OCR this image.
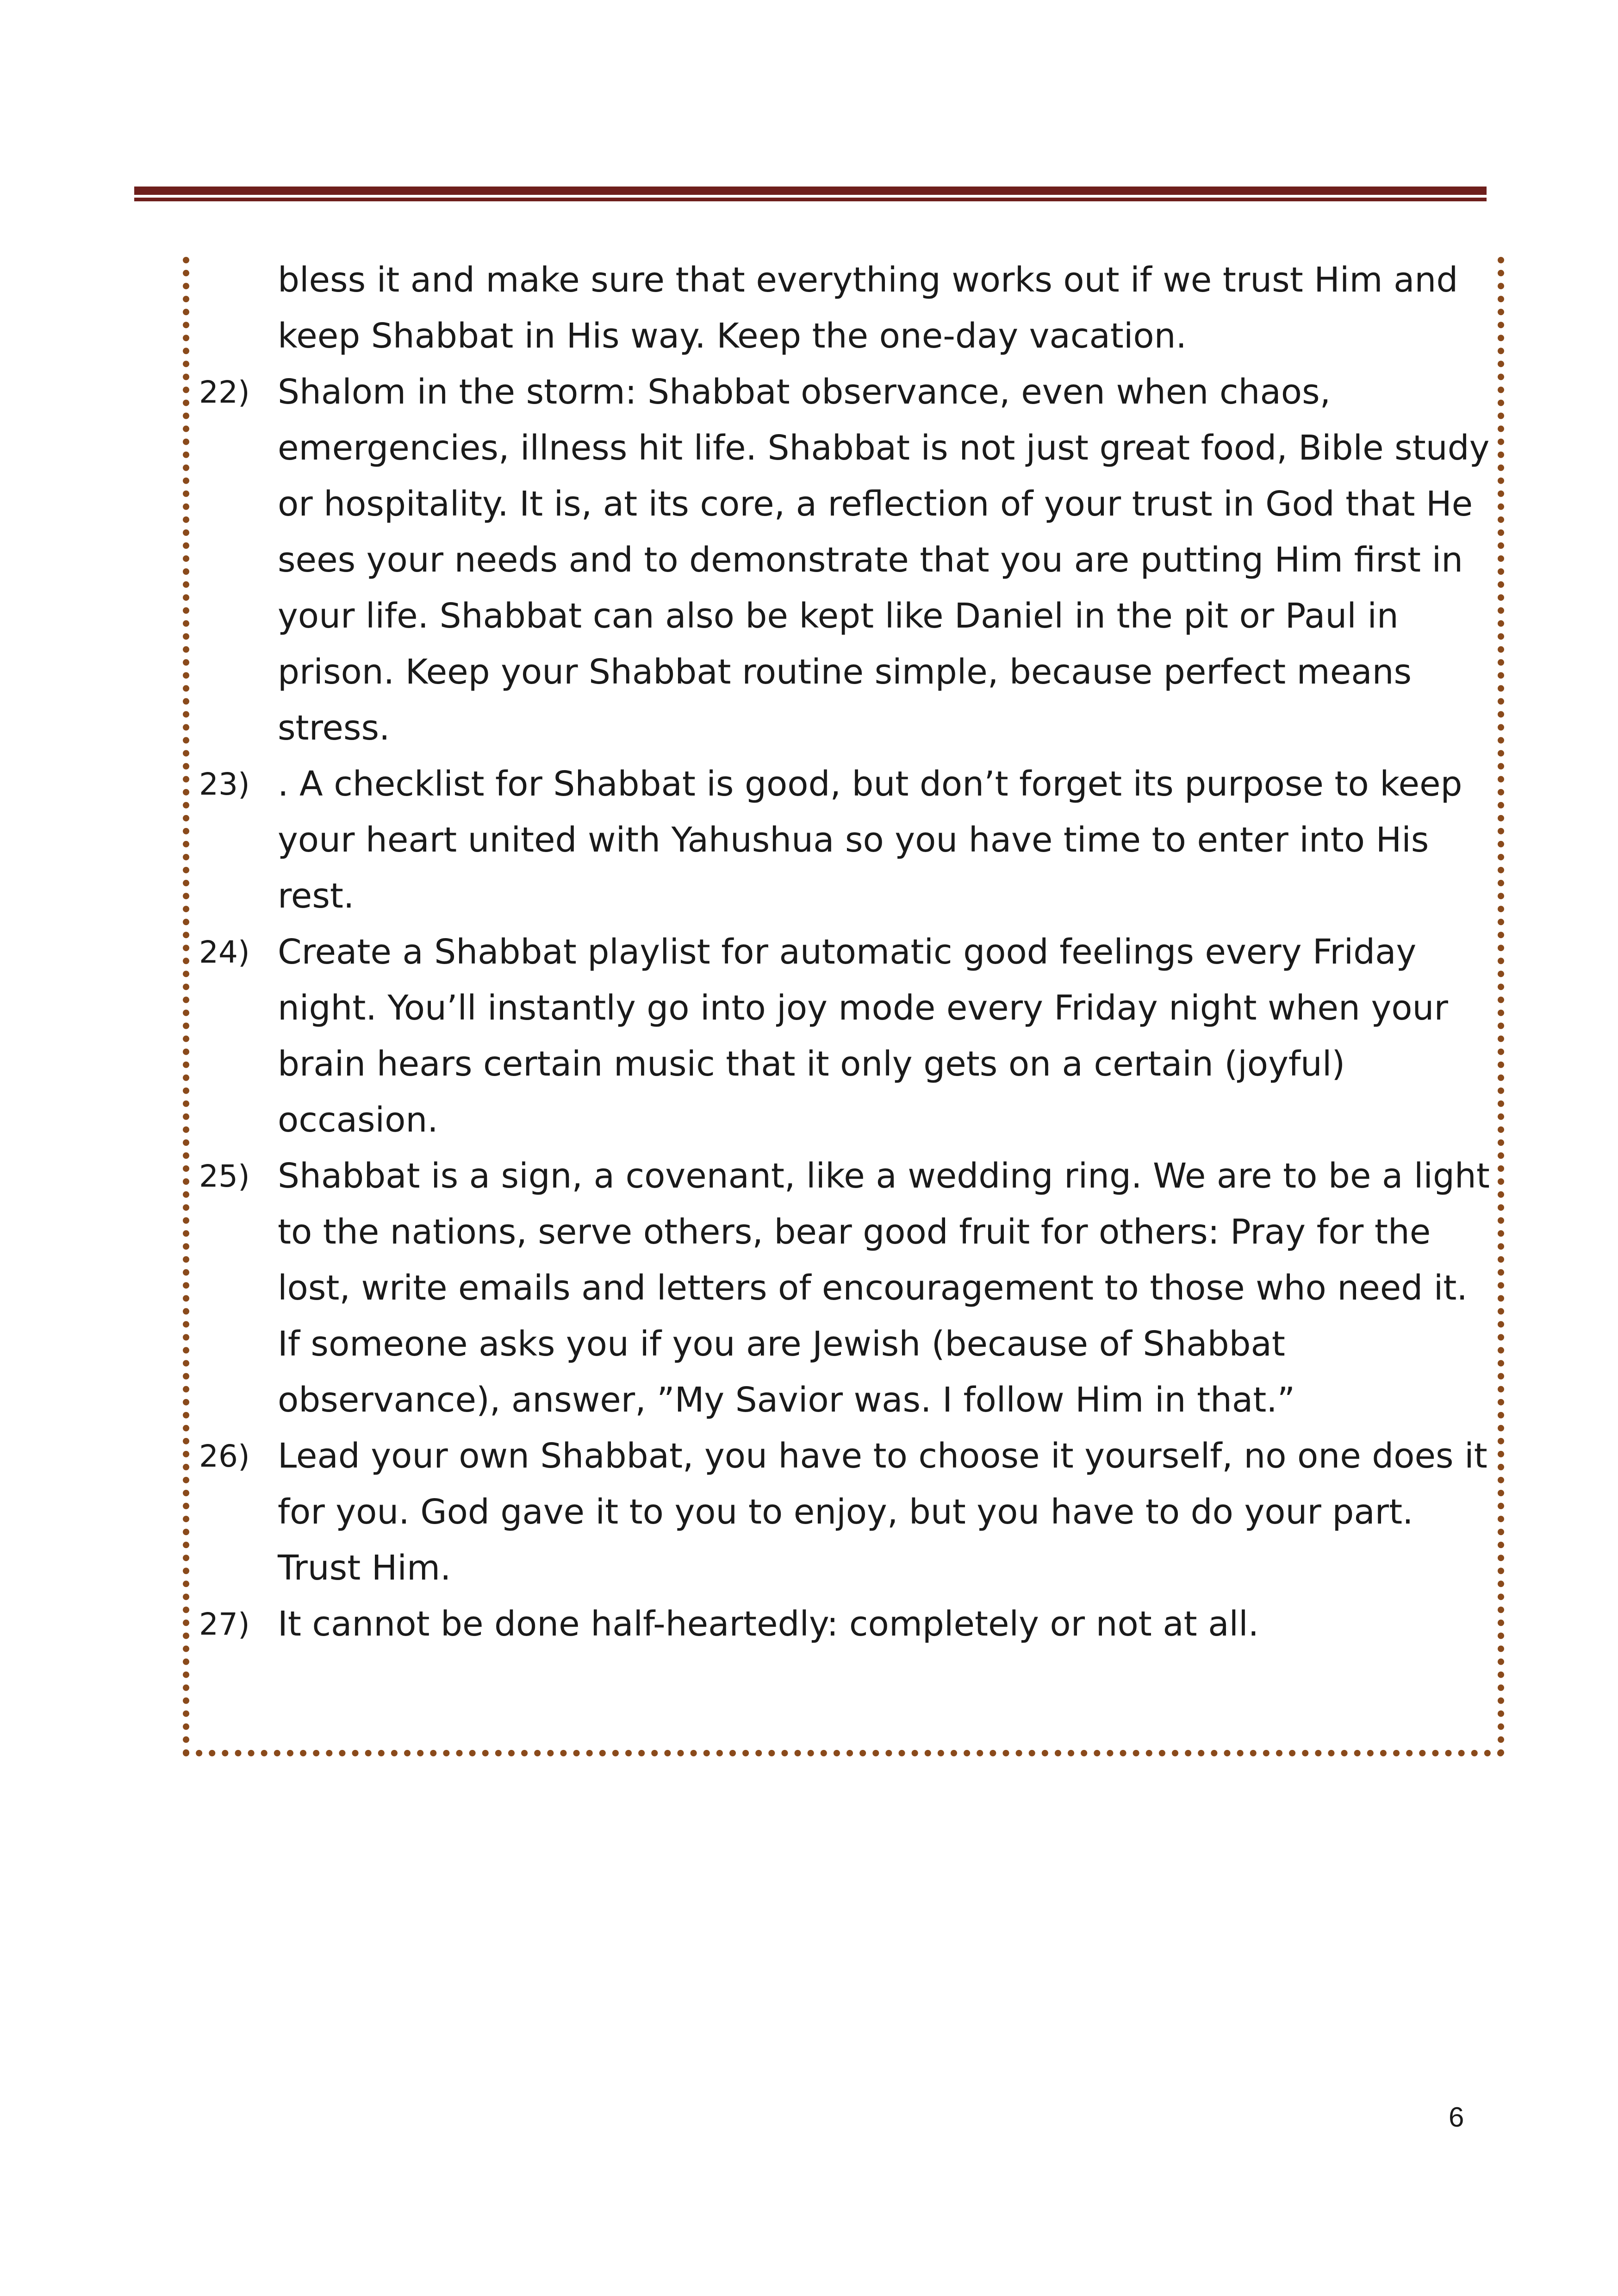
bless it and make sure that everything works out if we trust Him and keep Shabbat in His way. Keep the one-day vacation.
22) Shalom in the storm: Shabbat observance, even when chaos, emergencies, illness hit life. Shabbat is not just great food, Bible study or hospitality. It is, at its core, a reflection of your trust in God that He sees your needs and to demonstrate that you are putting Him first in your life. Shabbat can also be kept like Daniel in the pit or Paul in prison. Keep your Shabbat routine simple, because perfect means stress.
23) . A checklist for Shabbat is good, but don’t forget its purpose to keep your heart united with Yahushua so you have time to enter into His rest.
24) Create a Shabbat playlist for automatic good feelings every Friday night. You’ll instantly go into joy mode every Friday night when your brain hears certain music that it only gets on a certain (joyful) occasion.
25) Shabbat is a sign, a covenant, like a wedding ring. We are to be a light to the nations, serve others, bear good fruit for others: Pray for the lost, write emails and letters of encouragement to those who need it. If someone asks you if you are Jewish (because of Shabbat observance), answer, ”My Savior was. I follow Him in that.”
26) Lead your own Shabbat, you have to choose it yourself, no one does it for you. God gave it to you to enjoy, but you have to do your part. Trust Him.
27) It cannot be done half-heartedly: completely or not at all.
6
